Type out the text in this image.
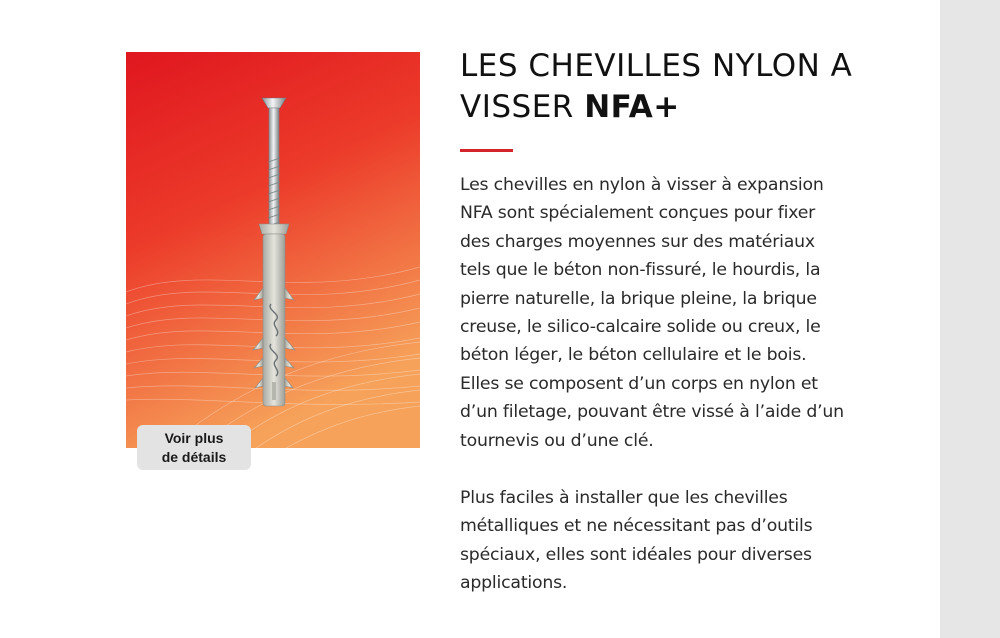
Voir plus
de détails
LES CHEVILLES NYLON A
VISSER NFA+

Les chevilles en nylon à visser à expansion
NFA sont spécialement conçues pour fixer
des charges moyennes sur des matériaux
tels que le béton non-fissuré, le hourdis, la
pierre naturelle, la brique pleine, la brique
creuse, le silico-calcaire solide ou creux, le
béton léger, le béton cellulaire et le bois.
Elles se composent d’un corps en nylon et
d’un filetage, pouvant être vissé à l’aide d’un
tournevis ou d’une clé.

Plus faciles à installer que les chevilles
métalliques et ne nécessitant pas d’outils
spéciaux, elles sont idéales pour diverses
applications.
